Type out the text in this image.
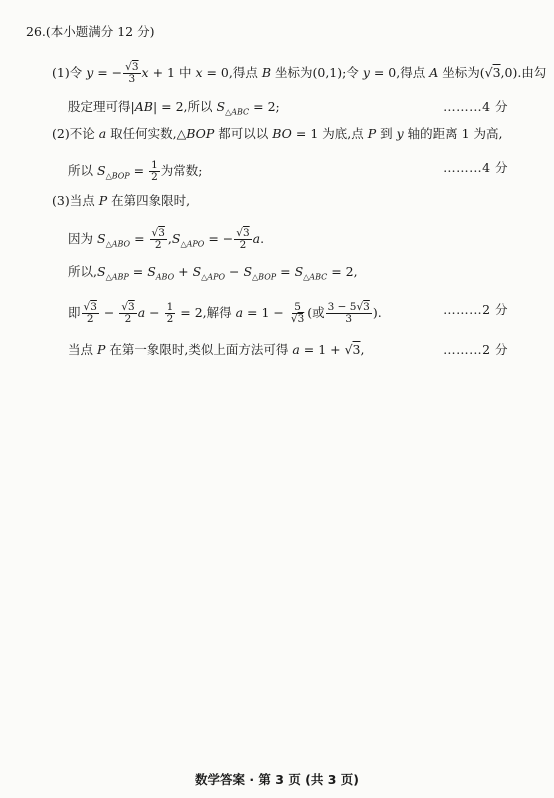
26.(本小题满分 12 分)
(1)令 y = − $\frac{√3}{3}$ x + 1 中 x = 0,得点 B 坐标为(0,1);令 y = 0,得点 A 坐标为(√3,0).由勾
股定理可得|AB| = 2,所以 $S_{\triangle ABC} = 2$;	………4 分
(2)不论 a 取任何实数,△BOP 都可以以 BO = 1 为底,点 P 到 y 轴的距离 1 为高,
所以 $S_{\triangle BOP} = \frac{1}{2}$ 为常数;	………4 分
(3)当点 P 在第四象限时,
因为 $S_{\triangle ABO} = \frac{√3}{2} ,S_{\triangle APO}$ = − $\frac{√3}{2} a$.
所以$,S_{\triangle ABP} = S_{ABO} + S_{\triangle APO} - S_{\triangle BOP} = S_{\triangle ABC} = 2$,
即 $\frac{√3}{2} - \frac{√3}{2}$ $a - \frac{1}{2} = 2$,解得 $a = 1 - \frac{5}{√3}$ (或 $\frac{3 - 5√3}{3}$ ).	………2 分
当点 P 在第一象限时,类似上面方法可得 a = 1 + √3,	………2 分
数学答案 · 第 3 页 (共 3 页)
